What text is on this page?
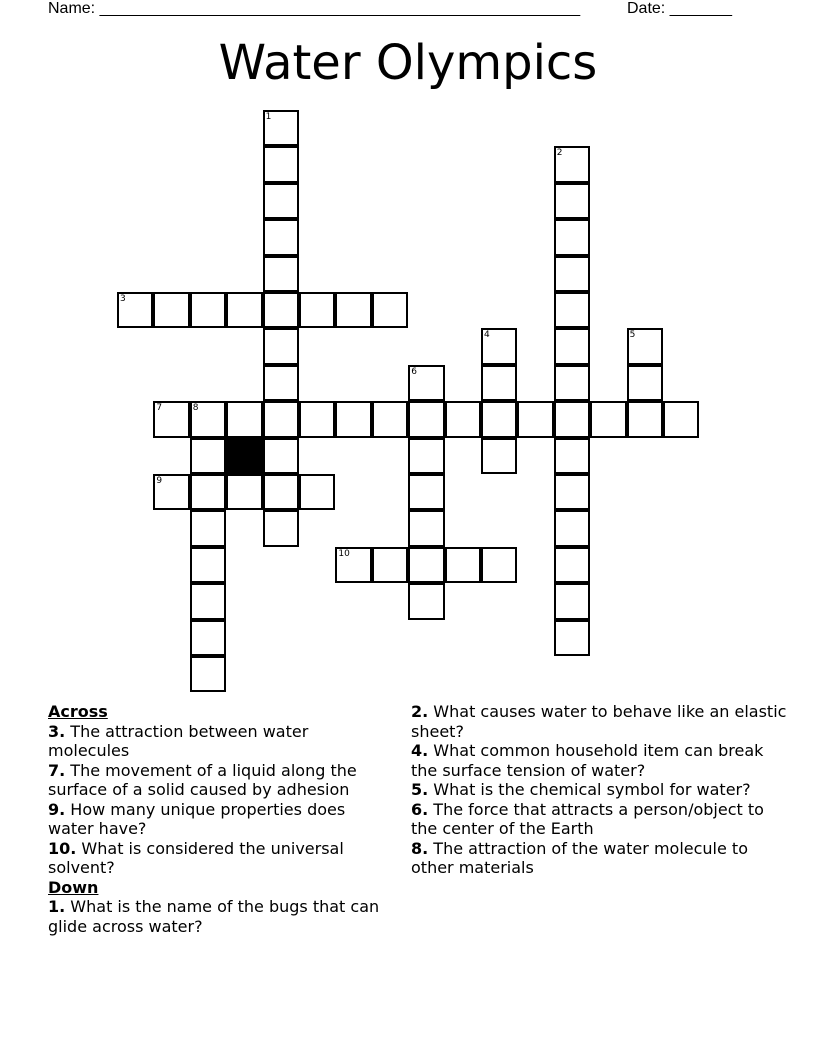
Name: ______________________________________________________	Date: _______
Water Olympics
1
2
3
4	5
6
7	8
9
10
Across
3. The attraction between water molecules
7. The movement of a liquid along the surface of a solid caused by adhesion
9. How many unique properties does water have?
10. What is considered the universal solvent?
Down
1. What is the name of the bugs that can glide across water?
2. What causes water to behave like an elastic sheet?
4. What common household item can break the surface tension of water?
5. What is the chemical symbol for water?
6. The force that attracts a person/object to the center of the Earth
8. The attraction of the water molecule to other materials
